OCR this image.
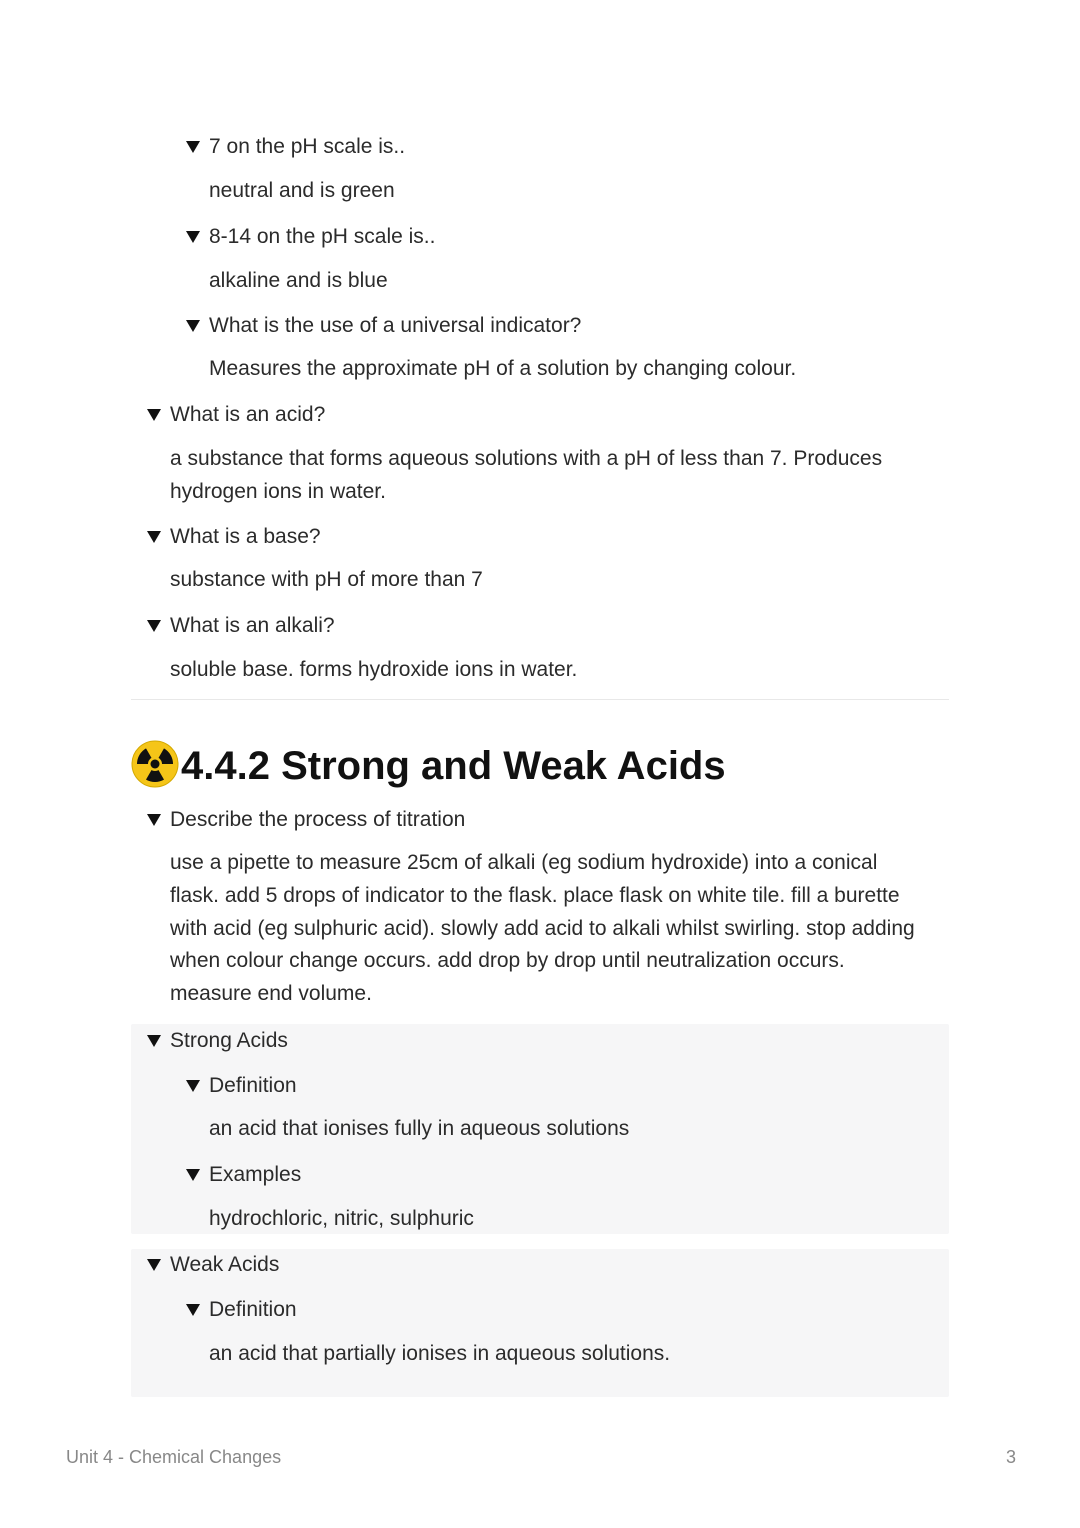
7 on the pH scale is..
neutral and is green
8-14 on the pH scale is..
alkaline and is blue
What is the use of a universal indicator?
Measures the approximate pH of a solution by changing colour.
What is an acid?
a substance that forms aqueous solutions with a pH of less than 7. Produces
hydrogen ions in water.
What is a base?
substance with pH of more than 7
What is an alkali?
soluble base. forms hydroxide ions in water.
4.4.2 Strong and Weak Acids
Describe the process of titration
use a pipette to measure 25cm of alkali (eg sodium hydroxide) into a conical
flask. add 5 drops of indicator to the flask. place flask on white tile. fill a burette
with acid (eg sulphuric acid). slowly add acid to alkali whilst swirling. stop adding
when colour change occurs. add drop by drop until neutralization occurs.
measure end volume.
Strong Acids
Definition
an acid that ionises fully in aqueous solutions
Examples
hydrochloric, nitric, sulphuric
Weak Acids
Definition
an acid that partially ionises in aqueous solutions.
Unit 4 - Chemical Changes	3
